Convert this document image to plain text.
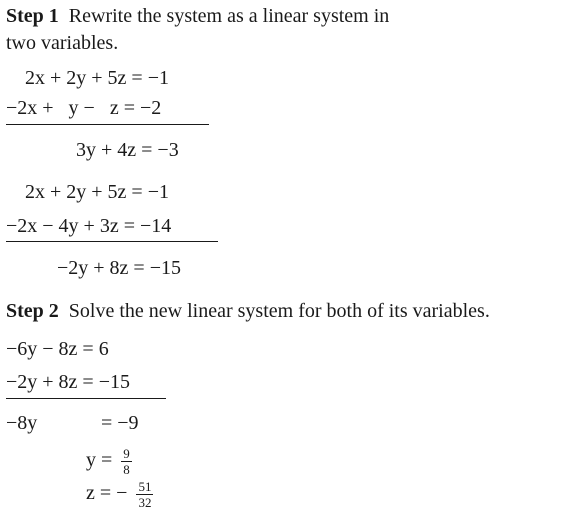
Step 1 Rewrite the system as a linear system in
two variables.
2x + 2y + 5z = −1
−2x +   y −   z = −2
3y + 4z = −3
2x + 2y + 5z = −1
−2x − 4y + 3z = −14
−2y + 8z = −15
Step 2 Solve the new linear system for both of its variables.
−6y − 8z = 6
−2y + 8z = −15
−8y	= −9
$y = \frac{9}{8}$
z = − $\frac{51}{32}$
